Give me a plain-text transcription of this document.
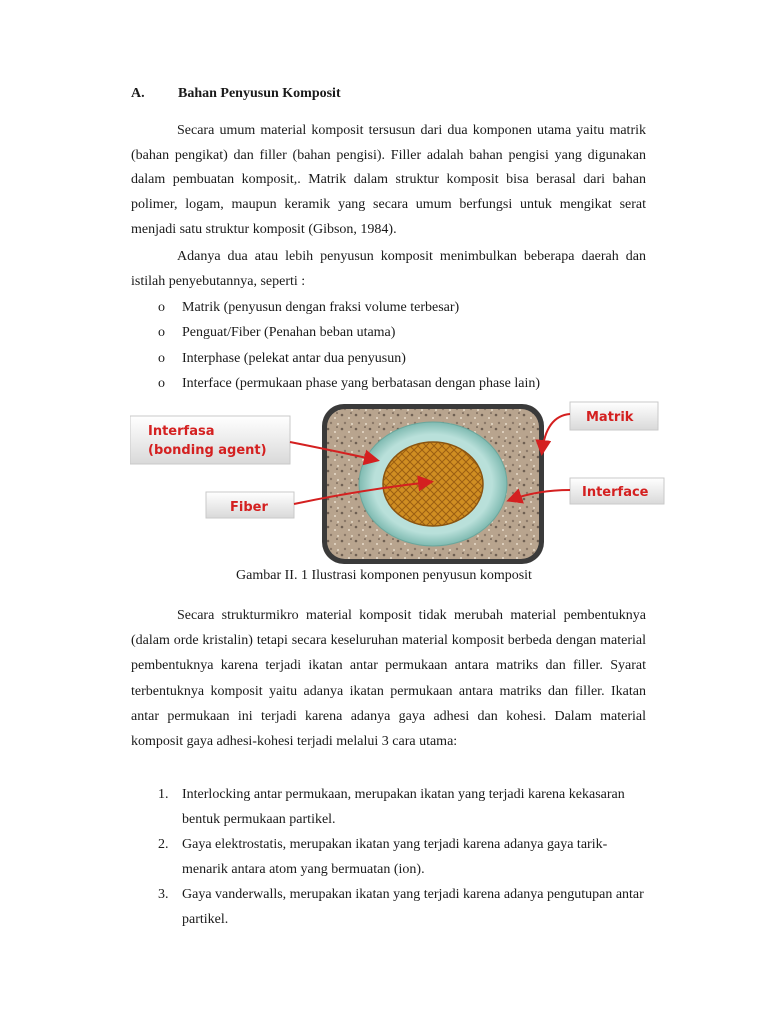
A. Bahan Penyusun Komposit

Secara umum material komposit tersusun dari dua komponen utama yaitu matrik (bahan pengikat) dan filler (bahan pengisi). Filler adalah bahan pengisi yang digunakan dalam pembuatan komposit,. Matrik dalam struktur komposit bisa berasal dari bahan polimer, logam, maupun keramik yang secara umum berfungsi untuk mengikat serat menjadi satu struktur komposit (Gibson, 1984).

Adanya dua atau lebih penyusun komposit menimbulkan beberapa daerah dan istilah penyebutannya, seperti :

o Matrik (penyusun dengan fraksi volume terbesar)
o Penguat/Fiber (Penahan beban utama)
o Interphase (pelekat antar dua penyusun)
o Interface (permukaan phase yang berbatasan dengan phase lain)

Secara strukturmikro material komposit tidak merubah material pembentuknya (dalam orde kristalin) tetapi secara keseluruhan material komposit berbeda dengan material pembentuknya karena terjadi ikatan antar permukaan antara matriks dan filler. Syarat terbentuknya komposit yaitu adanya ikatan permukaan antara matriks dan filler. Ikatan antar permukaan ini terjadi karena adanya gaya adhesi dan kohesi. Dalam material komposit gaya adhesi-kohesi terjadi melalui 3 cara utama:

1. Interlocking antar permukaan, merupakan ikatan yang terjadi karena kekasaran bentuk permukaan partikel.
2. Gaya elektrostatis, merupakan ikatan yang terjadi karena adanya gaya tarik-menarik antara atom yang bermuatan (ion).
3. Gaya vanderwalls, merupakan ikatan yang terjadi karena adanya pengutupan antar partikel.
Interfasa
(bonding agent)
Fiber
Matrik
Interface
Gambar II. 1 Ilustrasi komponen penyusun komposit
